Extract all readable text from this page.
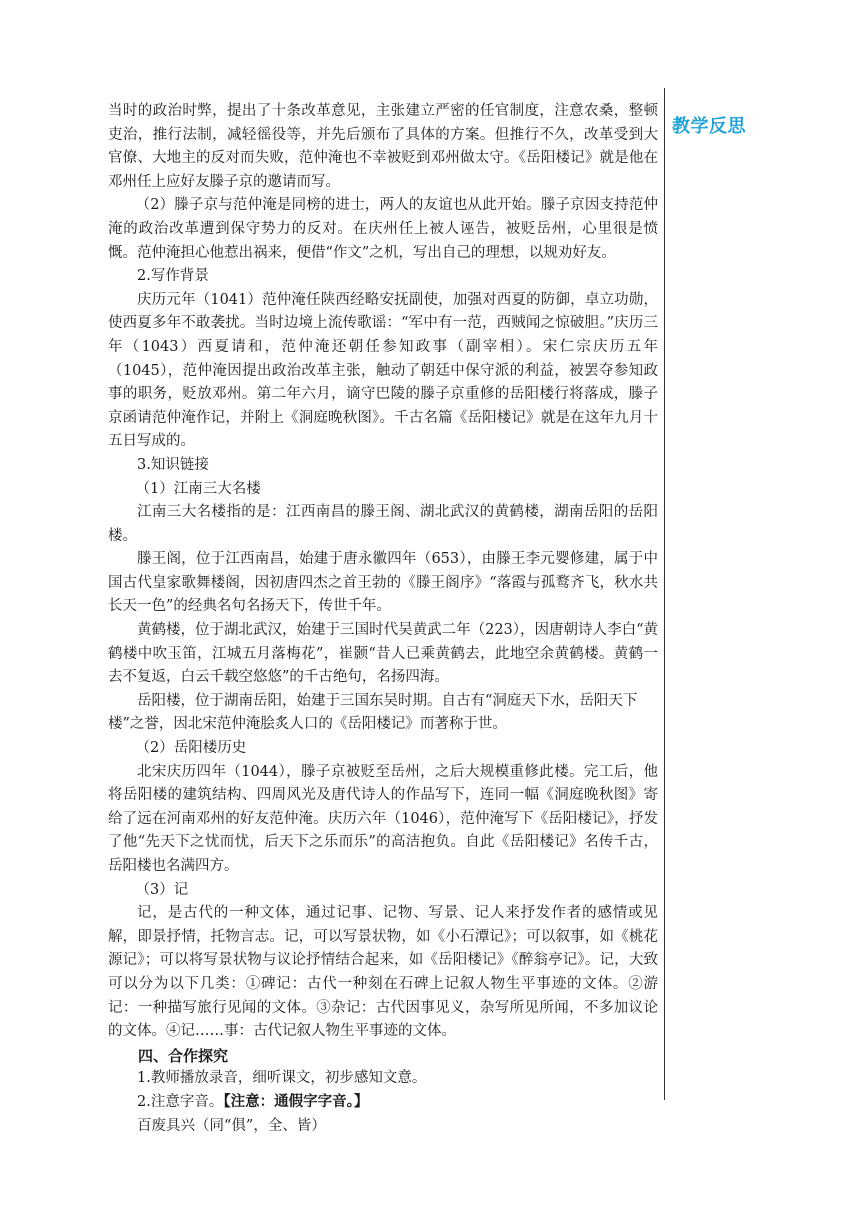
当时的政治时弊，提出了十条改革意见，主张建立严密的任官制度，注意农桑，整顿吏治，推行法制，减轻徭役等，并先后颁布了具体的方案。但推行不久，改革受到大官僚、大地主的反对而失败，范仲淹也不幸被贬到邓州做太守。《岳阳楼记》就是他在邓州任上应好友滕子京的邀请而写。

（2）滕子京与范仲淹是同榜的进士，两人的友谊也从此开始。滕子京因支持范仲淹的政治改革遭到保守势力的反对。在庆州任上被人诬告，被贬岳州，心里很是愤慨。范仲淹担心他惹出祸来，便借“作文”之机，写出自己的理想，以规劝好友。

2.写作背景

庆历元年（1041）范仲淹任陕西经略安抚副使，加强对西夏的防御，卓立功勋，使西夏多年不敢袭扰。当时边境上流传歌谣：“军中有一范，西贼闻之惊破胆。”庆历三年（1043）西夏请和，范仲淹还朝任参知政事（副宰相）。宋仁宗庆历五年（1045），范仲淹因提出政治改革主张，触动了朝廷中保守派的利益，被罢夺参知政事的职务，贬放邓州。第二年六月，谪守巴陵的滕子京重修的岳阳楼行将落成，滕子京函请范仲淹作记，并附上《洞庭晚秋图》。千古名篇《岳阳楼记》就是在这年九月十五日写成的。

3.知识链接

（1）江南三大名楼

江南三大名楼指的是：江西南昌的滕王阁、湖北武汉的黄鹤楼，湖南岳阳的岳阳楼。

滕王阁，位于江西南昌，始建于唐永徽四年（653），由滕王李元婴修建，属于中国古代皇家歌舞楼阁，因初唐四杰之首王勃的《滕王阁序》“落霞与孤鹜齐飞，秋水共长天一色”的经典名句名扬天下，传世千年。

黄鹤楼，位于湖北武汉，始建于三国时代吴黄武二年（223），因唐朝诗人李白“黄鹤楼中吹玉笛，江城五月落梅花”，崔颢“昔人已乘黄鹤去，此地空余黄鹤楼。黄鹤一去不复返，白云千载空悠悠”的千古绝句，名扬四海。

岳阳楼，位于湖南岳阳，始建于三国东吴时期。自古有“洞庭天下水，岳阳天下

楼”之誉，因北宋范仲淹脍炙人口的《岳阳楼记》而著称于世。

（2）岳阳楼历史

北宋庆历四年（1044），滕子京被贬至岳州，之后大规模重修此楼。完工后，他将岳阳楼的建筑结构、四周风光及唐代诗人的作品写下，连同一幅《洞庭晚秋图》寄给了远在河南邓州的好友范仲淹。庆历六年（1046），范仲淹写下《岳阳楼记》，抒发了他“先天下之忧而忧，后天下之乐而乐”的高洁抱负。自此《岳阳楼记》名传千古，岳阳楼也名满四方。

（3）记

记，是古代的一种文体，通过记事、记物、写景、记人来抒发作者的感情或见解，即景抒情，托物言志。记，可以写景状物，如《小石潭记》；可以叙事，如《桃花源记》；可以将写景状物与议论抒情结合起来，如《岳阳楼记》《醉翁亭记》。记，大致可以分为以下几类：①碑记：古代一种刻在石碑上记叙人物生平事迹的文体。②游记：一种描写旅行见闻的文体。③杂记：古代因事见义，杂写所见所闻，不多加议论的文体。④记……事：古代记叙人物生平事迹的文体。

四、合作探究

1.教师播放录音，细听课文，初步感知文意。

2.注意字音。【注意：通假字字音。】

百废具兴（同“俱”，全、皆）

教学反思
